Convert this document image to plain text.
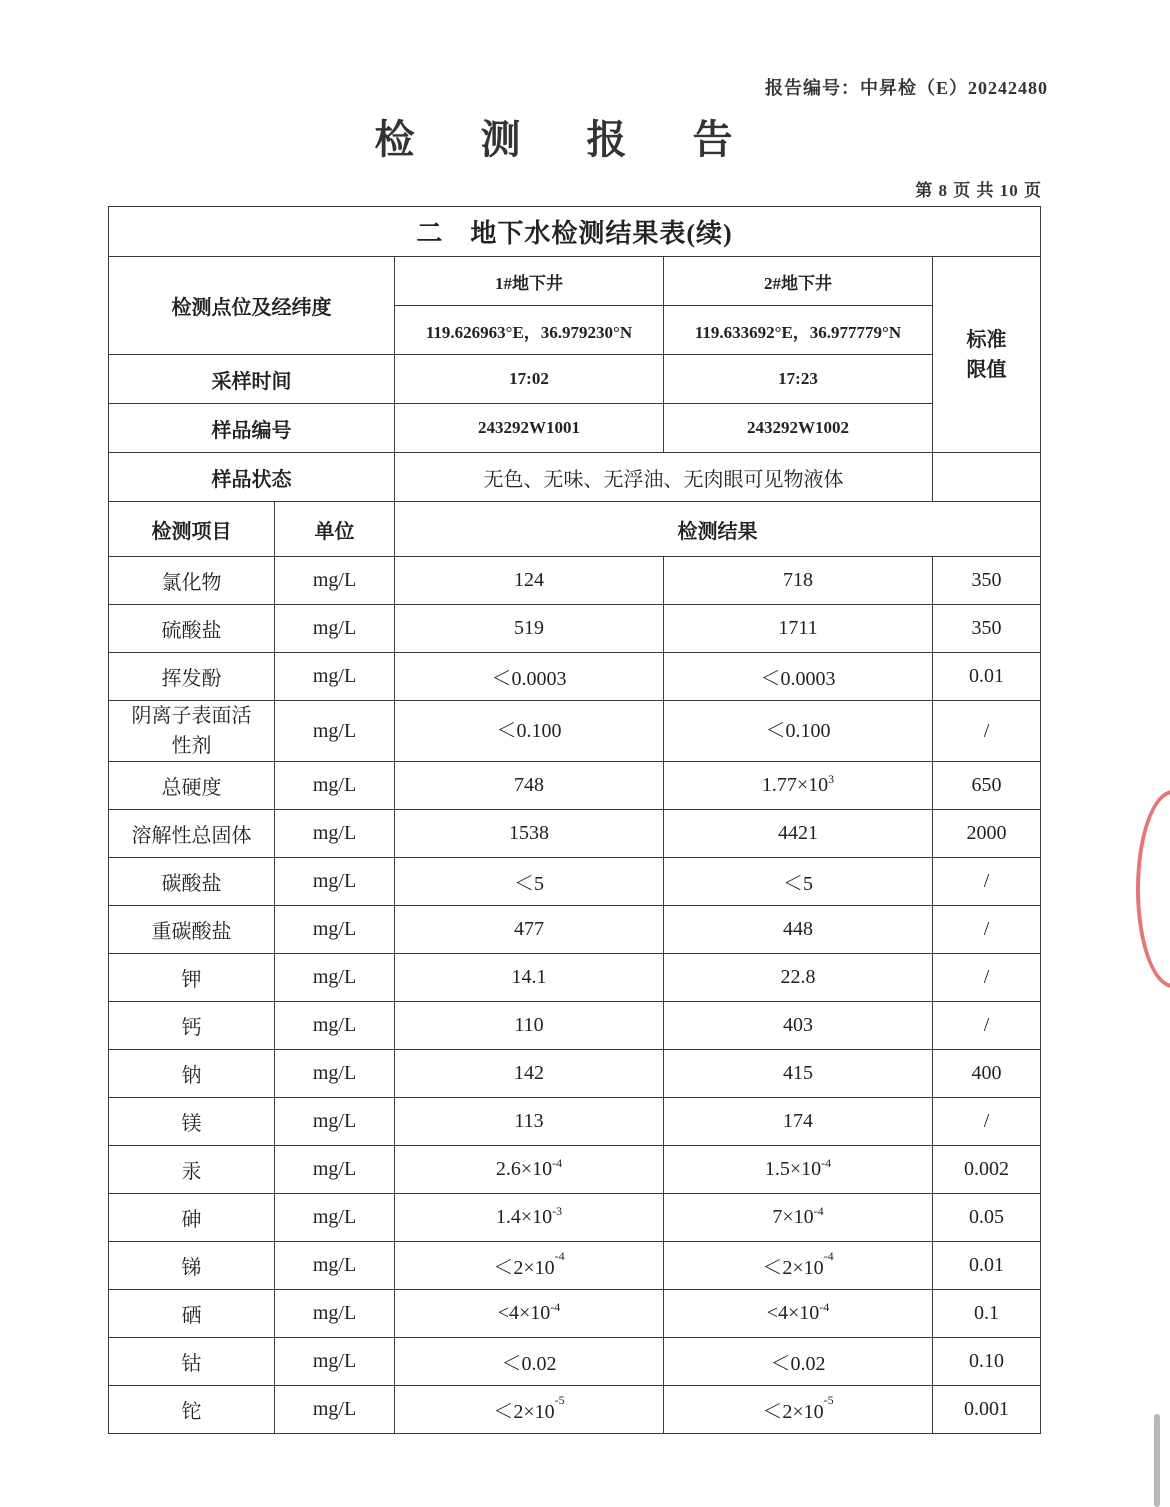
报告编号：中昇检（E）20242480
检 测 报 告
第 8 页 共 10 页
二　地下水检测结果表(续)				
检测点位及经纬度		1#地下井	2#地下井	标准限值
		119.626963°E，36.979230°N	119.633692°E，36.977779°N	
采样时间		17:02	17:23	
样品编号		243292W1001	243292W1002	
样品状态		无色、无味、无浮油、无肉眼可见物液体		
检测项目	单位	检测结果		
氯化物	mg/L	124	718	350
硫酸盐	mg/L	519	1711	350
挥发酚	mg/L	＜0.0003	＜0.0003	0.01
阴离子表面活性剂	mg/L	＜0.100	＜0.100	/
总硬度	mg/L	748	$1.77\times 10^3$	650
溶解性总固体	mg/L	1538	4421	2000
碳酸盐	mg/L	＜5	＜5	/
重碳酸盐	mg/L	477	448	/
钾	mg/L	14.1	22.8	/
钙	mg/L	110	403	/
钠	mg/L	142	415	400
镁	mg/L	113	174	/
汞	mg/L	$2.6\times 10^{-4}$	$1.5\times 10^{-4}$	0.002
砷	mg/L	$1.4\times 10^{-3}$	$7\times 10^{-4}$	0.05
锑	mg/L	$<2\times 10^{-4}$	$<2\times 10^{-4}$	0.01
硒	mg/L	$<4\times 10^{-4}$	$<4\times 10^{-4}$	0.1
钴	mg/L	＜0.02	＜0.02	0.10
铊	mg/L	$<2\times 10^{-5}$	$<2\times 10^{-5}$	0.001
